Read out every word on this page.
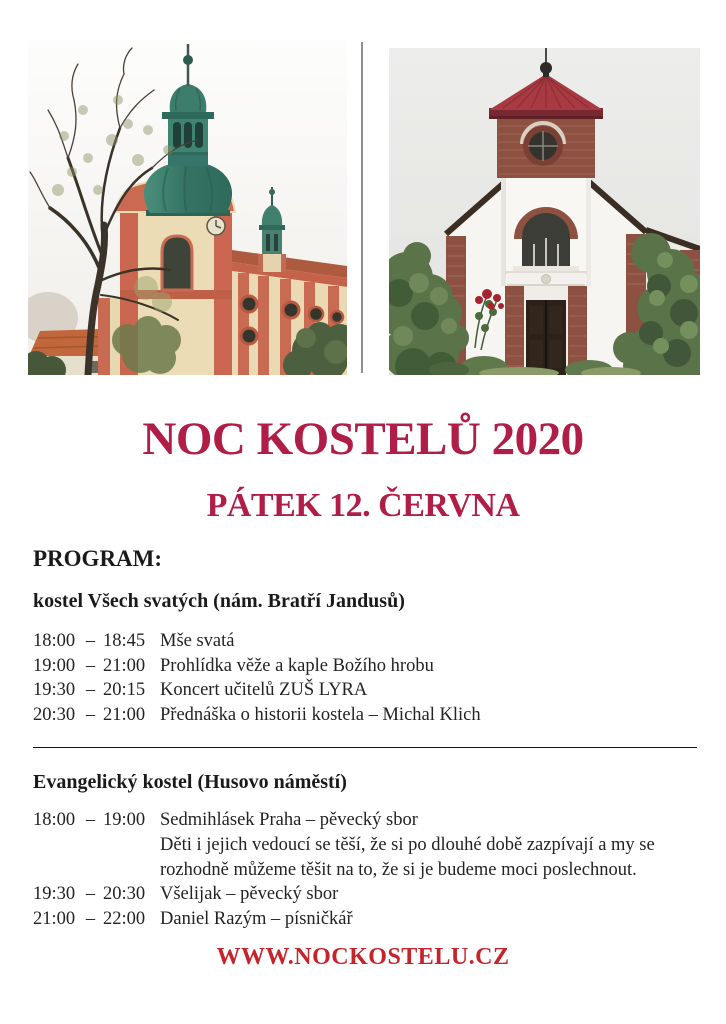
NOC KOSTELŮ 2020
PÁTEK 12. ČERVNA

PROGRAM:

kostel Všech svatých (nám. Bratří Jandusů)

18:00 – 18:45 Mše svatá
19:00 – 21:00 Prohlídka věže a kaple Božího hrobu
19:30 – 20:15 Koncert učitelů ZUŠ LYRA
20:30 – 21:00 Přednáška o historii kostela – Michal Klich

Evangelický kostel (Husovo náměstí)

18:00 – 19:00 Sedmihlásek Praha – pěvecký sbor
Děti i jejich vedoucí se těší, že si po dlouhé době zazpívají a my se rozhodně můžeme těšit na to, že si je budeme moci poslechnout.
19:30 – 20:30 Všelijak – pěvecký sbor
21:00 – 22:00 Daniel Razým – písničkář
WWW.NOCKOSTELU.CZ
